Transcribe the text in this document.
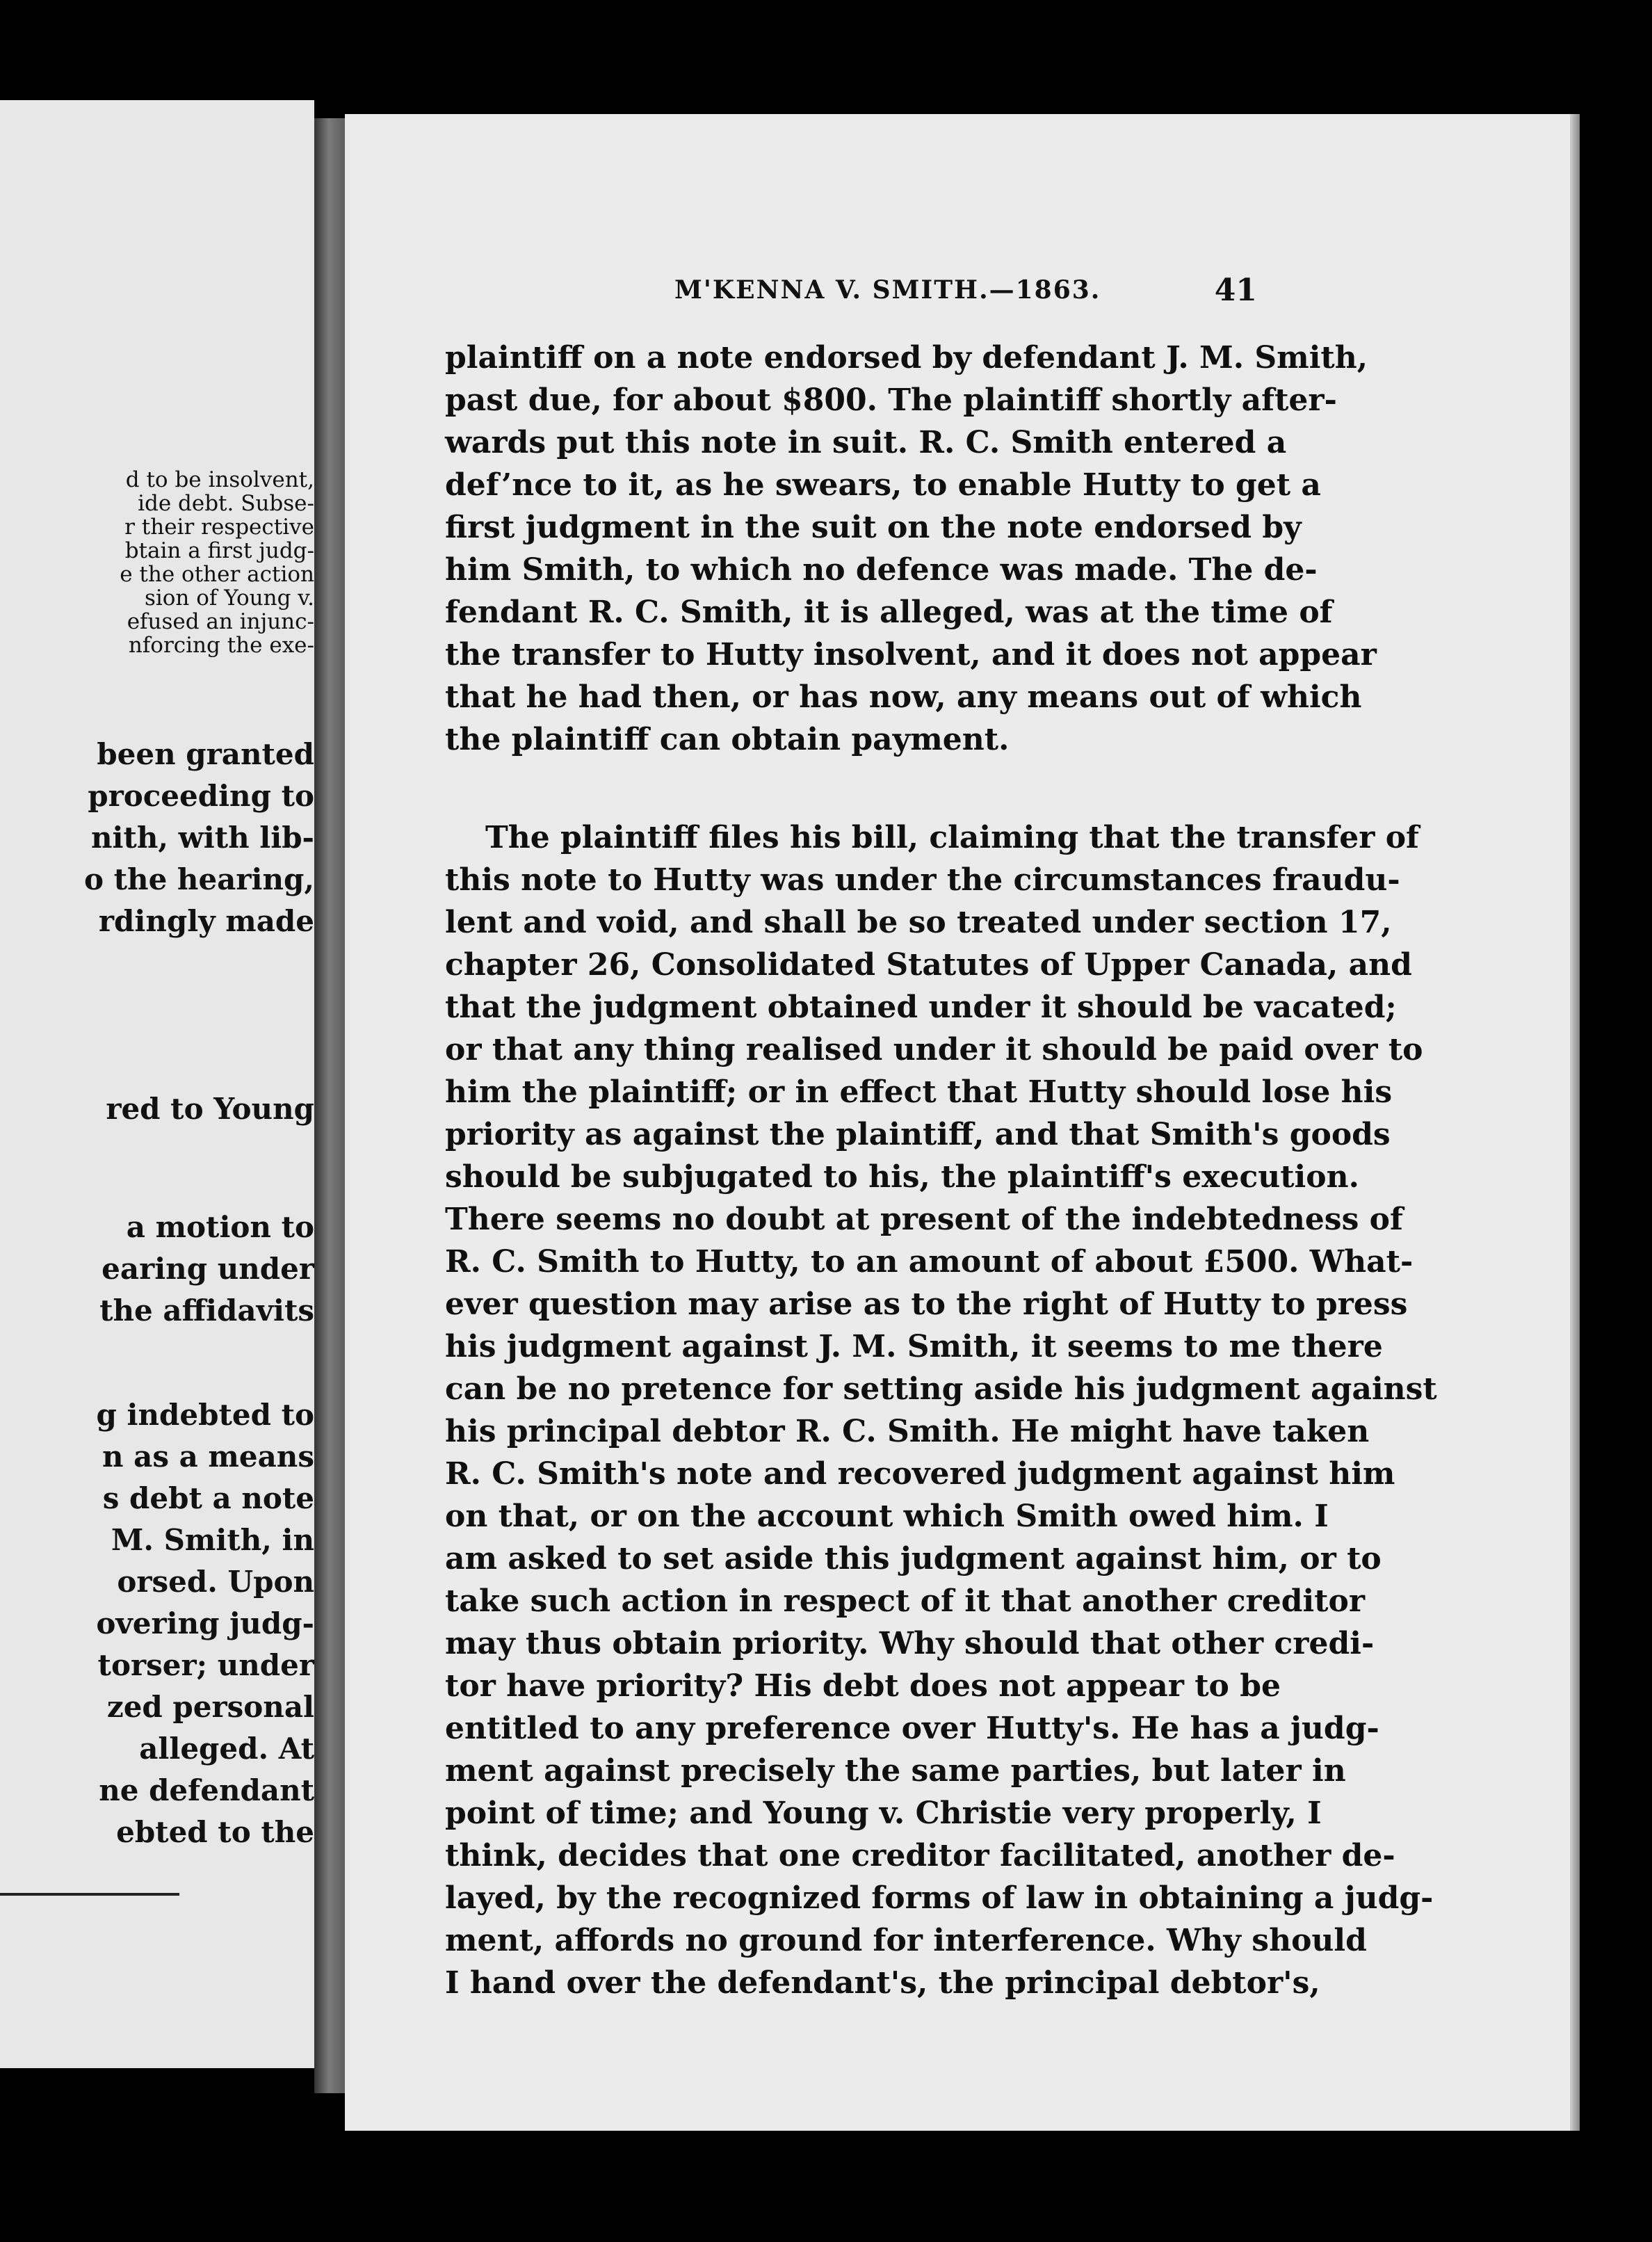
d to be insolvent,
ide debt. Subse-
r their respective
btain a first judg-
e the other action
sion of Young v.
efused an injunc-
nforcing the exe-
been granted
proceeding to
nith, with lib-
o the hearing,
rdingly made
red to Young
a motion to
earing under
the affidavits
g indebted to
n as a means
s debt a note
M. Smith, in
orsed. Upon
overing judg-
torser; under
zed personal
alleged. At
ne defendant
ebted to the
M'KENNA V. SMITH.—1863.	41
plaintiff on a note endorsed by defendant J. M. Smith,
past due, for about $800. The plaintiff shortly after-
wards put this note in suit. R. C. Smith entered a
def’nce to it, as he swears, to enable Hutty to get a
first judgment in the suit on the note endorsed by
him Smith, to which no defence was made. The de-
fendant R. C. Smith, it is alleged, was at the time of
the transfer to Hutty insolvent, and it does not appear
that he had then, or has now, any means out of which
the plaintiff can obtain payment.
The plaintiff files his bill, claiming that the transfer of
this note to Hutty was under the circumstances fraudu-
lent and void, and shall be so treated under section 17,
chapter 26, Consolidated Statutes of Upper Canada, and
that the judgment obtained under it should be vacated;
or that any thing realised under it should be paid over to
him the plaintiff; or in effect that Hutty should lose his
priority as against the plaintiff, and that Smith's goods
should be subjugated to his, the plaintiff's execution.
There seems no doubt at present of the indebtedness of
R. C. Smith to Hutty, to an amount of about £500. What-
ever question may arise as to the right of Hutty to press
his judgment against J. M. Smith, it seems to me there
can be no pretence for setting aside his judgment against
his principal debtor R. C. Smith. He might have taken
R. C. Smith's note and recovered judgment against him
on that, or on the account which Smith owed him. I
am asked to set aside this judgment against him, or to
take such action in respect of it that another creditor
may thus obtain priority. Why should that other credi-
tor have priority? His debt does not appear to be
entitled to any preference over Hutty's. He has a judg-
ment against precisely the same parties, but later in
point of time; and Young v. Christie very properly, I
think, decides that one creditor facilitated, another de-
layed, by the recognized forms of law in obtaining a judg-
ment, affords no ground for interference. Why should
I hand over the defendant's, the principal debtor's,
